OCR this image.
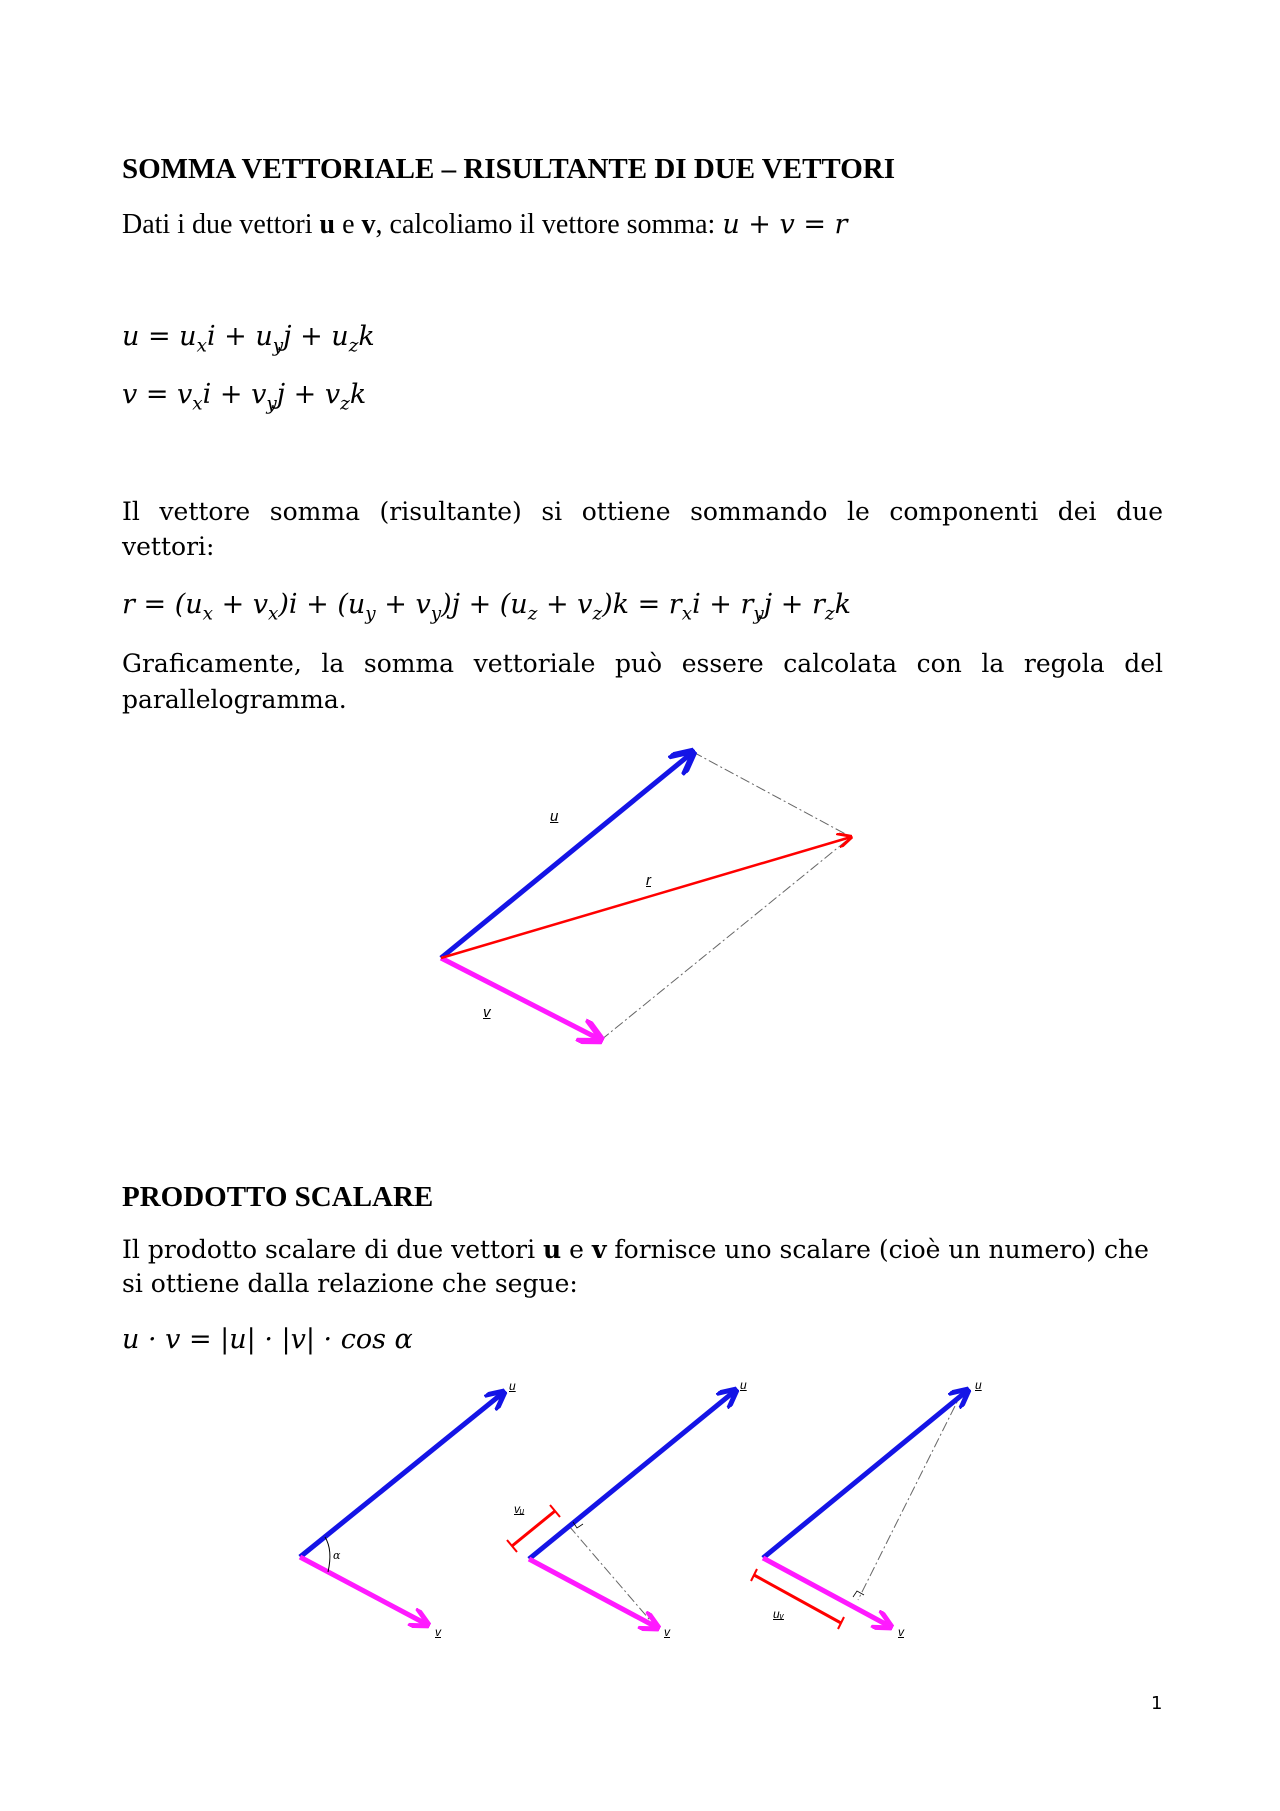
SOMMA VETTORIALE – RISULTANTE DI DUE VETTORI
Dati i due vettori u e v, calcoliamo il vettore somma: u + v = r
$u = u_xi + u_yj + u_zk$
$v = v_xi + v_yj + v_zk$
Il vettore somma (risultante) si ottiene sommando le componenti dei due
vettori:
$r = (u_x + v_x)i + (u_y + v_y)j + (u_z + v_z)k = r_xi + r_yj + r_zk$
Graficamente, la somma vettoriale può essere calcolata con la regola del
parallelogramma.
u
r
v
PRODOTTO SCALARE
Il prodotto scalare di due vettori u e v fornisce uno scalare (cioè un numero) che
si ottiene dalla relazione che segue:
u · v = |u| · |v| · cos α
u
v
α
u
v
vᵤ
u
v
uᵥ
1
